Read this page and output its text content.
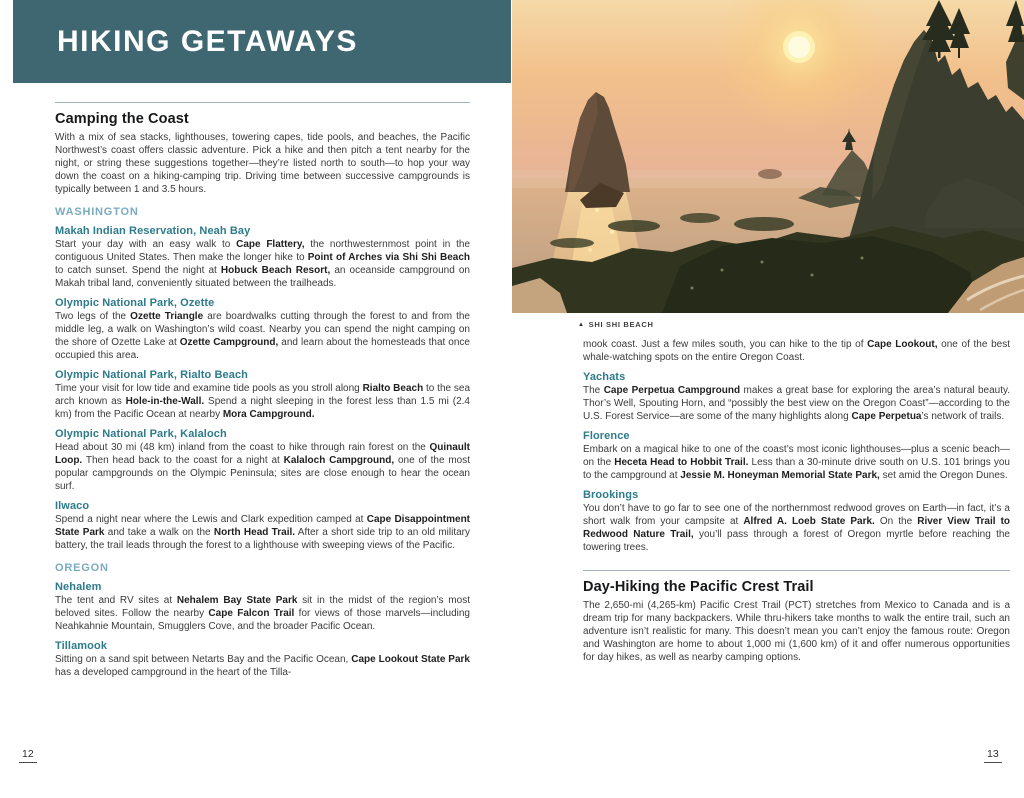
HIKING GETAWAYS
Camping the Coast

With a mix of sea stacks, lighthouses, towering capes, tide pools, and beaches, the Pacific Northwest’s coast offers classic adventure. Pick a hike and then pitch a tent nearby for the night, or string these suggestions together—they’re listed north to south—to hop your way down the coast on a hiking-camping trip. Driving time between successive campgrounds is typically between 1 and 3.5 hours.

WASHINGTON
Makah Indian Reservation, Neah Bay

Start your day with an easy walk to Cape Flattery, the northwesternmost point in the contiguous United States. Then make the longer hike to Point of Arches via Shi Shi Beach to catch sunset. Spend the night at Hobuck Beach Resort, an oceanside campground on Makah tribal land, conveniently situated between the trailheads.

Olympic National Park, Ozette

Two legs of the Ozette Triangle are boardwalks cutting through the forest to and from the middle leg, a walk on Washington’s wild coast. Nearby you can spend the night camping on the shore of Ozette Lake at Ozette Campground, and learn about the homesteads that once occupied this area.

Olympic National Park, Rialto Beach

Time your visit for low tide and examine tide pools as you stroll along Rialto Beach to the sea arch known as Hole-in-the-Wall. Spend a night sleeping in the forest less than 1.5 mi (2.4 km) from the Pacific Ocean at nearby Mora Campground.

Olympic National Park, Kalaloch

Head about 30 mi (48 km) inland from the coast to hike through rain forest on the Quinault Loop. Then head back to the coast for a night at Kalaloch Campground, one of the most popular campgrounds on the Olympic Peninsula; sites are close enough to hear the ocean surf.

Ilwaco

Spend a night near where the Lewis and Clark expedition camped at Cape Disappointment State Park and take a walk on the North Head Trail. After a short side trip to an old military battery, the trail leads through the forest to a lighthouse with sweeping views of the Pacific.

OREGON
Nehalem

The tent and RV sites at Nehalem Bay State Park sit in the midst of the region’s most beloved sites. Follow the nearby Cape Falcon Trail for views of those marvels—including Neahkahnie Mountain, Smugglers Cove, and the broader Pacific Ocean.

Tillamook

Sitting on a sand spit between Netarts Bay and the Pacific Ocean, Cape Lookout State Park has a developed campground in the heart of the Tilla-

12
▲ SHI SHI BEACH

mook coast. Just a few miles south, you can hike to the tip of Cape Lookout, one of the best whale-watching spots on the entire Oregon Coast.

Yachats

The Cape Perpetua Campground makes a great base for exploring the area’s natural beauty. Thor’s Well, Spouting Horn, and “possibly the best view on the Oregon Coast”—according to the U.S. Forest Service—are some of the many highlights along Cape Perpetua’s network of trails.

Florence

Embark on a magical hike to one of the coast’s most iconic lighthouses—plus a scenic beach—on the Heceta Head to Hobbit Trail. Less than a 30-minute drive south on U.S. 101 brings you to the campground at Jessie M. Honeyman Memorial State Park, set amid the Oregon Dunes.

Brookings

You don’t have to go far to see one of the northernmost redwood groves on Earth—in fact, it’s a short walk from your campsite at Alfred A. Loeb State Park. On the River View Trail to Redwood Nature Trail, you’ll pass through a forest of Oregon myrtle before reaching the towering trees.

Day-Hiking the Pacific Crest Trail

The 2,650-mi (4,265-km) Pacific Crest Trail (PCT) stretches from Mexico to Canada and is a dream trip for many backpackers. While thru-hikers take months to walk the entire trail, such an adventure isn’t realistic for many. This doesn’t mean you can’t enjoy the famous route: Oregon and Washington are home to about 1,000 mi (1,600 km) of it and offer numerous opportunities for day hikes, as well as nearby camping options.

13
